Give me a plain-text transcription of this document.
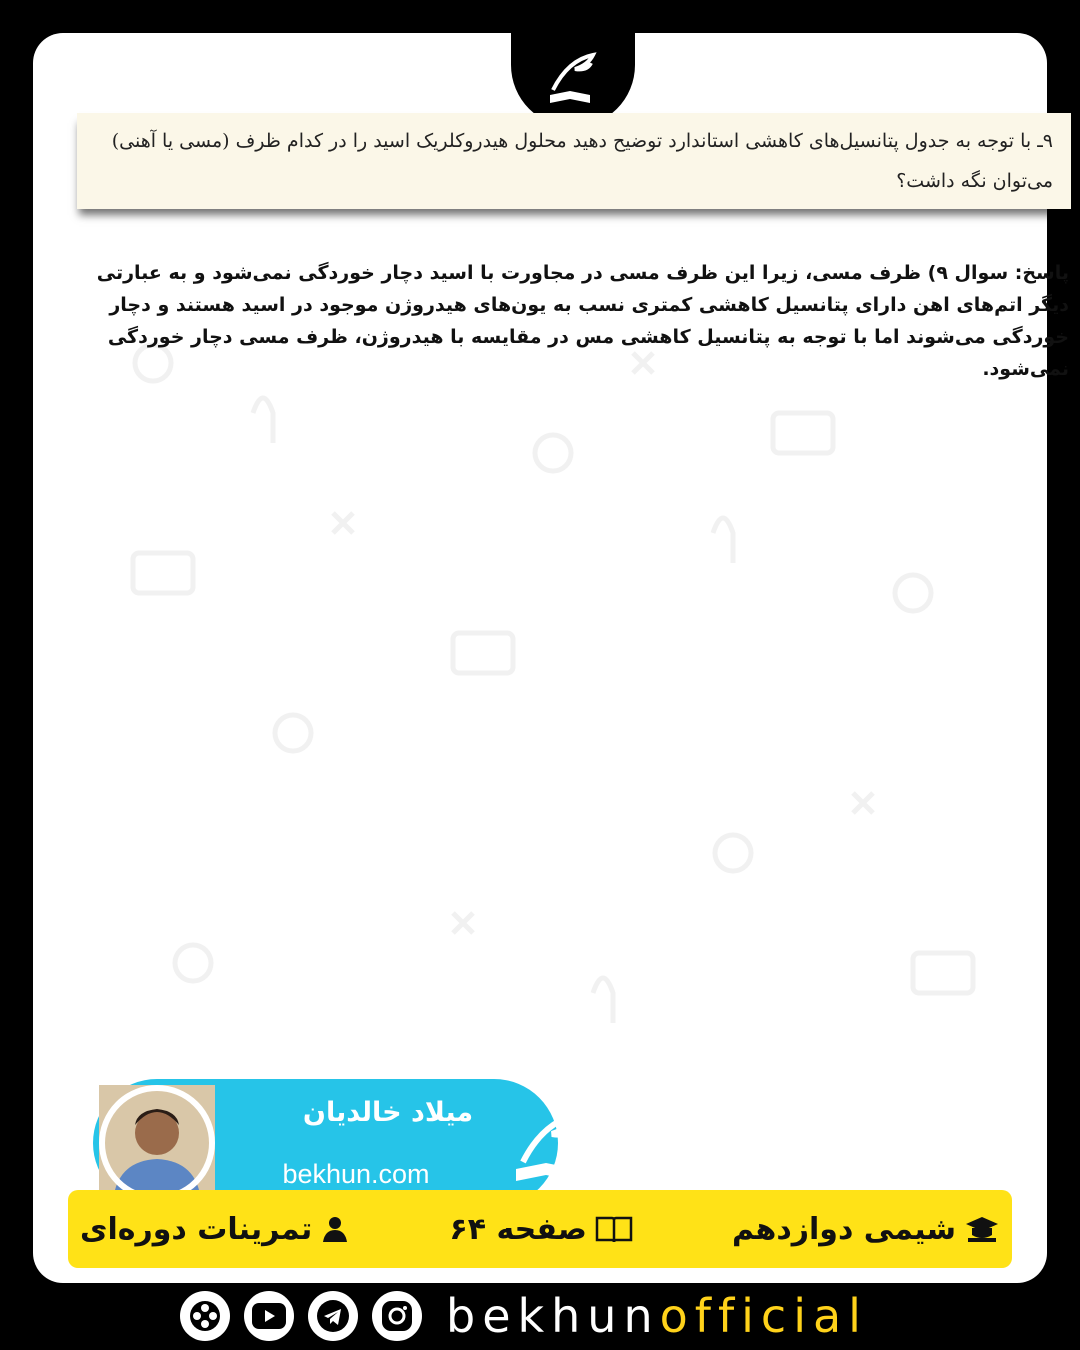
۹ـ با توجه به جدول پتانسیل‌های کاهشی استاندارد توضیح دهید محلول هیدروکلریک اسید را در کدام ظرف (مسی یا آهنی) می‌توان نگه داشت؟
پاسخ: سوال ۹) ظرف مسی، زیرا این ظرف مسی در مجاورت با اسید دچار خوردگی نمی‌شود و به عبارتی دیگر اتم‌های اهن دارای پتانسیل کاهشی کمتری نسب به یون‌های هیدروژن موجود در اسید هستند و دچار خوردگی می‌شوند اما با توجه به پتانسیل کاهشی مس در مقایسه با هیدروژن، ظرف مسی دچار خوردگی نمی‌شود.
میلاد خالدیان
bekhun.com
تمرینات دوره‌ای	صفحه ۶۴	شیمی دوازدهم
bekhunofficial
